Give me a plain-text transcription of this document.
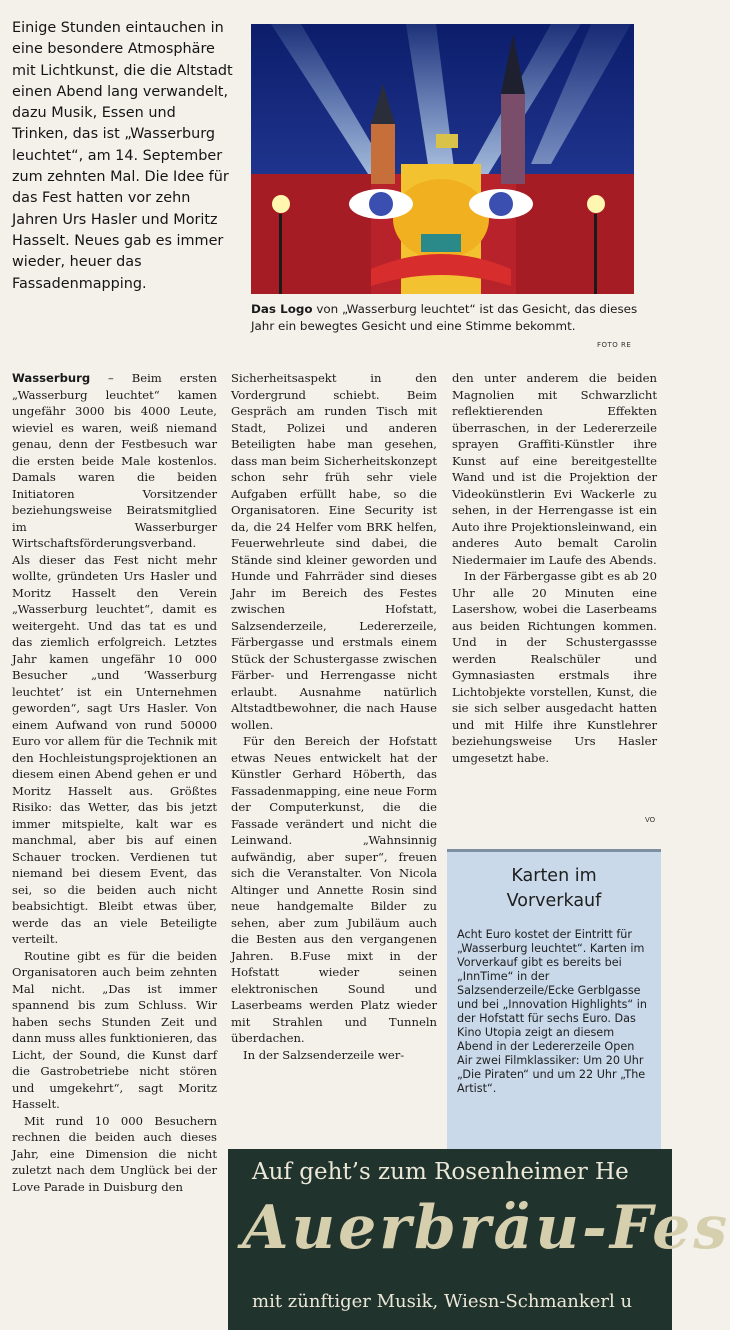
Einige Stunden eintauchen in eine besondere Atmosphäre mit Lichtkunst, die die Altstadt einen Abend lang verwandelt, dazu Musik, Essen und Trinken, das ist „Wasserburg leuchtet“, am 14. September zum zehnten Mal. Die Idee für das Fest hatten vor zehn Jahren Urs Hasler und Moritz Hasselt. Neues gab es immer wieder, heuer das Fassadenmapping.
Das Logo von „Wasserburg leuchtet“ ist das Gesicht, das dieses Jahr ein bewegtes Gesicht und eine Stimme bekommt.
FOTO RE

Wasserburg – Beim ersten „Wasserburg leuchtet“ kamen ungefähr 3000 bis 4000 Leute, wieviel es waren, weiß niemand genau, denn der Festbesuch war die ersten beide Male kostenlos. Damals waren die beiden Initiatoren Vorsitzender beziehungsweise Beiratsmitglied im Wasserburger Wirtschaftsförderungsverband. Als dieser das Fest nicht mehr wollte, gründeten Urs Hasler und Moritz Hasselt den Verein „Wasserburg leuchtet“, damit es weitergeht. Und das tat es und das ziemlich erfolgreich. Letztes Jahr kamen ungefähr 10 000 Besucher „und ‘Wasserburg leuchtet’ ist ein Unternehmen geworden“, sagt Urs Hasler. Von einem Aufwand von rund 50000 Euro vor allem für die Technik mit den Hochleistungsprojektionen an diesem einen Abend gehen er und Moritz Hasselt aus. Größtes Risiko: das Wetter, das bis jetzt immer mitspielte, kalt war es manchmal, aber bis auf einen Schauer trocken. Verdienen tut niemand bei diesem Event, das sei, so die beiden auch nicht beabsichtigt. Bleibt etwas über, werde das an viele Beteiligte verteilt.

Routine gibt es für die beiden Organisatoren auch beim zehnten Mal nicht. „Das ist immer spannend bis zum Schluss. Wir haben sechs Stunden Zeit und dann muss alles funktionieren, das Licht, der Sound, die Kunst darf die Gastrobetriebe nicht stören und umgekehrt“, sagt Moritz Hasselt.

Mit rund 10 000 Besuchern rechnen die beiden auch dieses Jahr, eine Dimension die nicht zuletzt nach dem Unglück bei der Love Parade in Duisburg den

Sicherheitsaspekt in den Vordergrund schiebt. Beim Gespräch am runden Tisch mit Stadt, Polizei und anderen Beteiligten habe man gesehen, dass man beim Sicherheitskonzept schon sehr früh sehr viele Aufgaben erfüllt habe, so die Organisatoren. Eine Security ist da, die 24 Helfer vom BRK helfen, Feuerwehrleute sind dabei, die Stände sind kleiner geworden und Hunde und Fahrräder sind dieses Jahr im Bereich des Festes zwischen Hofstatt, Salzsenderzeile, Ledererzeile, Färbergasse und erstmals einem Stück der Schustergasse zwischen Färber- und Herrengasse nicht erlaubt. Ausnahme natürlich Altstadtbewohner, die nach Hause wollen.

Für den Bereich der Hofstatt etwas Neues entwickelt hat der Künstler Gerhard Höberth, das Fassadenmapping, eine neue Form der Computerkunst, die die Fassade verändert und nicht die Leinwand. „Wahnsinnig aufwändig, aber super“, freuen sich die Veranstalter. Von Nicola Altinger und Annette Rosin sind neue handgemalte Bilder zu sehen, aber zum Jubiläum auch die Besten aus den vergangenen Jahren. B.Fuse mixt in der Hofstatt wieder seinen elektronischen Sound und Laserbeams werden Platz wieder mit Strahlen und Tunneln überdachen.

In der Salzsenderzeile wer-

den unter anderem die beiden Magnolien mit Schwarzlicht reflektierenden Effekten überraschen, in der Ledererzeile sprayen Graffiti-Künstler ihre Kunst auf eine bereitgestellte Wand und ist die Projektion der Videokünstlerin Evi Wackerle zu sehen, in der Herrengasse ist ein Auto ihre Projektionsleinwand, ein anderes Auto bemalt Carolin Niedermaier im Laufe des Abends.

In der Färbergasse gibt es ab 20 Uhr alle 20 Minuten eine Lasershow, wobei die Laserbeams aus beiden Richtungen kommen. Und in der Schustergassse werden Realschüler und Gymnasiasten erstmals ihre Lichtobjekte vorstellen, Kunst, die sie sich selber ausgedacht hatten und mit Hilfe ihre Kunstlehrer beziehungsweise Urs Hasler umgesetzt habe.

VO
Karten im
Vorverkauf
Acht Euro kostet der Eintritt für „Wasserburg leuchtet“. Karten im Vorverkauf gibt es bereits bei „InnTime“ in der Salzsenderzeile/Ecke Gerblgasse und bei „Innovation Highlights“ in der Hofstatt für sechs Euro. Das Kino Utopia zeigt an diesem Abend in der Ledererzeile Open Air zwei Filmklassiker: Um 20 Uhr „Die Piraten“ und um 22 Uhr „The Artist“.
Auf geht’s zum Rosenheimer He
Auerbräu-Fes
mit zünftiger Musik, Wiesn-Schmankerl u
